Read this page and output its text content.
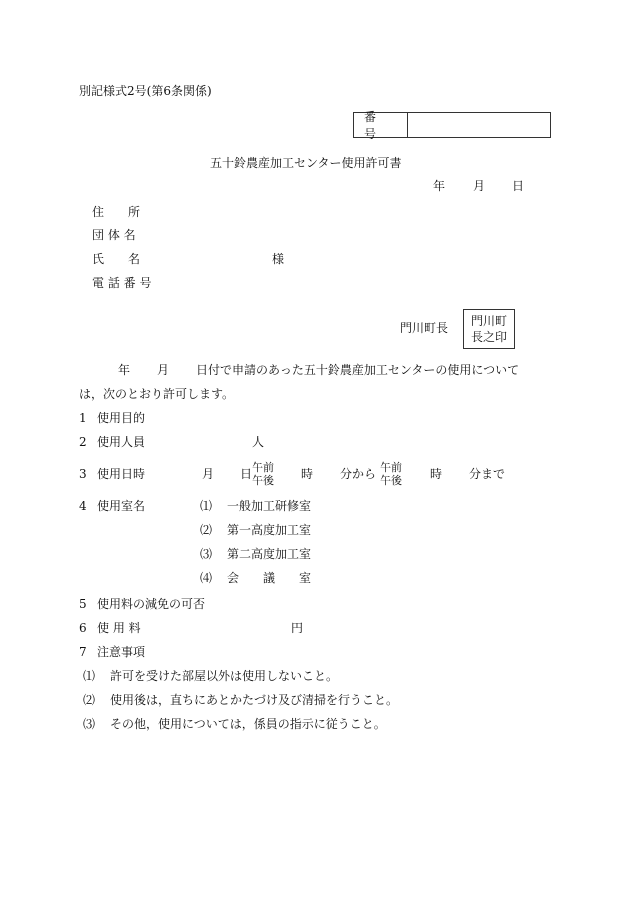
別記様式2号(第6条関係)
番号
五十鈴農産加工センター使用許可書
年 月 日
住　　所
団 体 名
氏　　名	様
電 話 番 号
門川町長	門川町
長之印
年 月 日付で申請のあった五十鈴農産加工センターの使用について
は，次のとおり許可します。
1 使用目的
2 使用人員	人
3 使用日時	月 日 午前
午後 時 分から 午前
午後 時 分まで
4 使用室名	⑴ 一般加工研修室
⑵ 第一高度加工室
⑶ 第二高度加工室
⑷ 会　　議　　室
5 使用料の減免の可否
6 使 用 料	円
7 注意事項
⑴ 許可を受けた部屋以外は使用しないこと。
⑵ 使用後は，直ちにあとかたづけ及び清掃を行うこと。
⑶ その他，使用については，係員の指示に従うこと。
